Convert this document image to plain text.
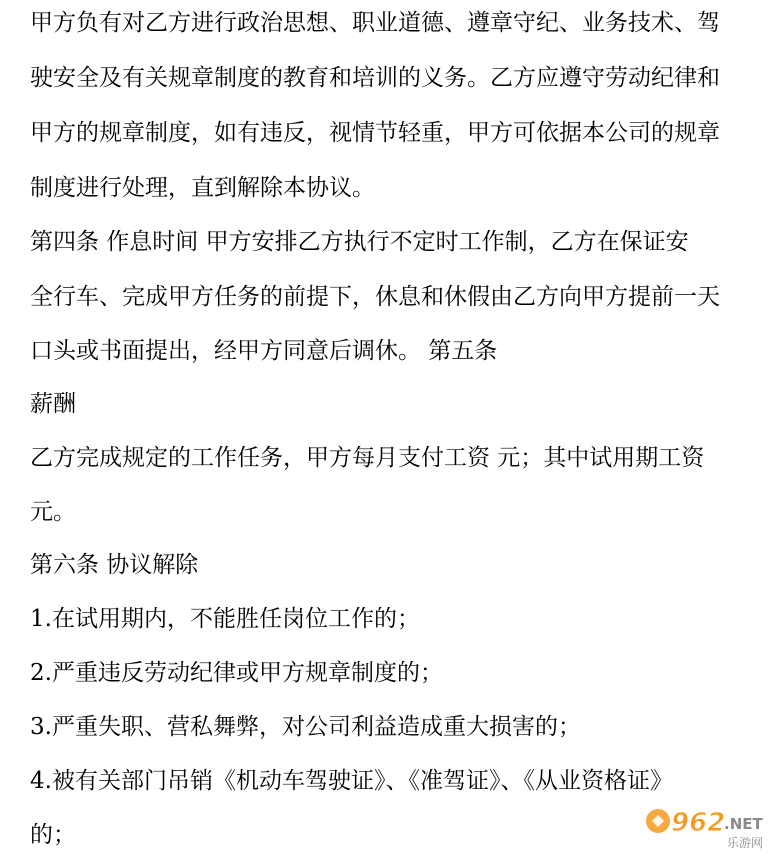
甲方负有对乙方进行政治思想、职业道德、遵章守纪、业务技术、驾
驶安全及有关规章制度的教育和培训的义务。乙方应遵守劳动纪律和
甲方的规章制度，如有违反，视情节轻重，甲方可依据本公司的规章
制度进行处理，直到解除本协议。
第四条 作息时间 甲方安排乙方执行不定时工作制，乙方在保证安
全行车、完成甲方任务的前提下，休息和休假由乙方向甲方提前一天
口头或书面提出，经甲方同意后调休。 第五条
薪酬
乙方完成规定的工作任务，甲方每月支付工资 元；其中试用期工资
元。
第六条 协议解除
1.在试用期内，不能胜任岗位工作的；
2.严重违反劳动纪律或甲方规章制度的；
3.严重失职、营私舞弊，对公司利益造成重大损害的；
4.被有关部门吊销《机动车驾驶证》、《准驾证》、《从业资格证》
的；	962
.NET
乐游网
